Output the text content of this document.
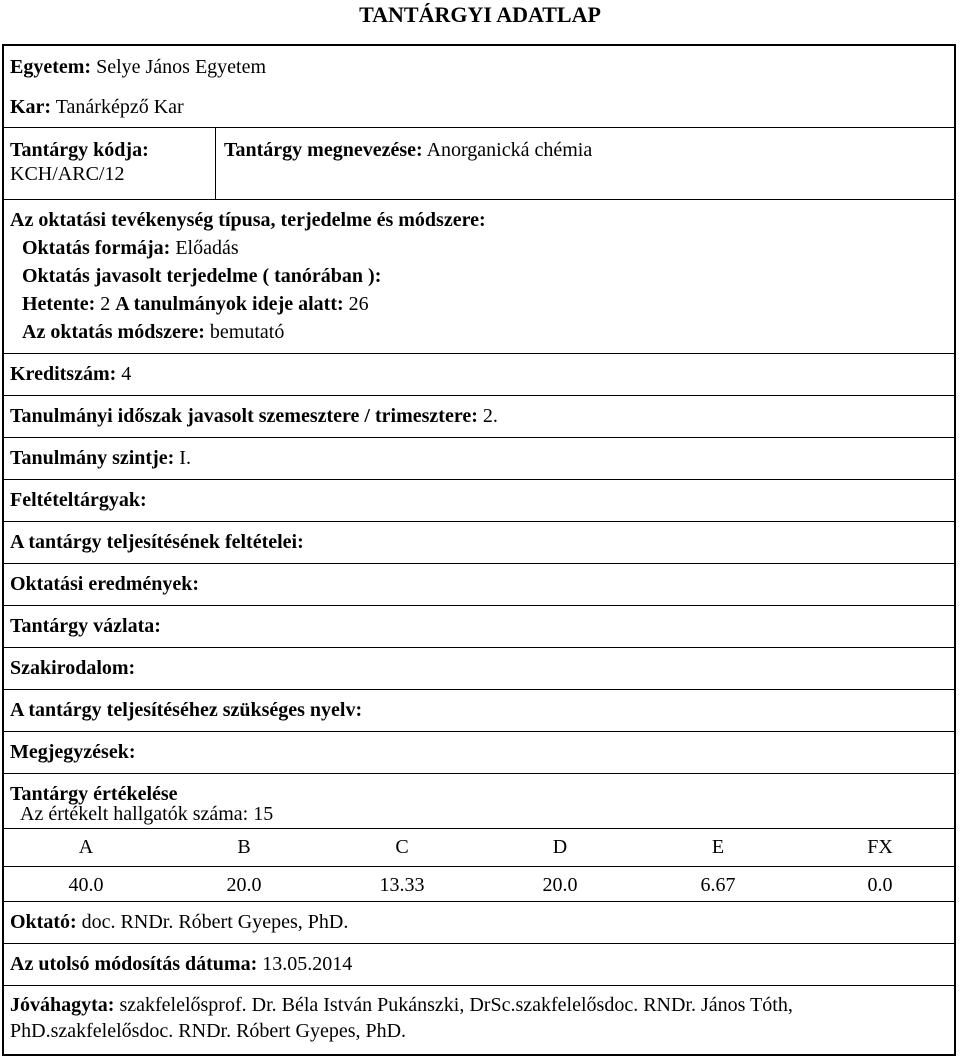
TANTÁRGYI ADATLAP
Egyetem: Selye János Egyetem
Kar: Tanárképző Kar
Tantárgy kódja:
KCH/ARC/12
Tantárgy megnevezése: Anorganická chémia
Az oktatási tevékenység típusa, terjedelme és módszere:
Oktatás formája: Előadás
Oktatás javasolt terjedelme ( tanórában ):
Hetente: 2 A tanulmányok ideje alatt: 26
Az oktatás módszere: bemutató
Kreditszám: 4
Tanulmányi időszak javasolt szemesztere / trimesztere: 2.
Tanulmány szintje: I.
Feltételtárgyak:
A tantárgy teljesítésének feltételei:
Oktatási eredmények:
Tantárgy vázlata:
Szakirodalom:
A tantárgy teljesítéséhez szükséges nyelv:
Megjegyzések:
Tantárgy értékelése
Az értékelt hallgatók száma: 15
A	B	C	D	E	FX
40.0	20.0	13.33	20.0	6.67	0.0
Oktató: doc. RNDr. Róbert Gyepes, PhD.
Az utolsó módosítás dátuma: 13.05.2014
Jóváhagyta: szakfelelősprof. Dr. Béla István Pukánszki, DrSc.szakfelelősdoc. RNDr. János Tóth, PhD.szakfelelősdoc. RNDr. Róbert Gyepes, PhD.
